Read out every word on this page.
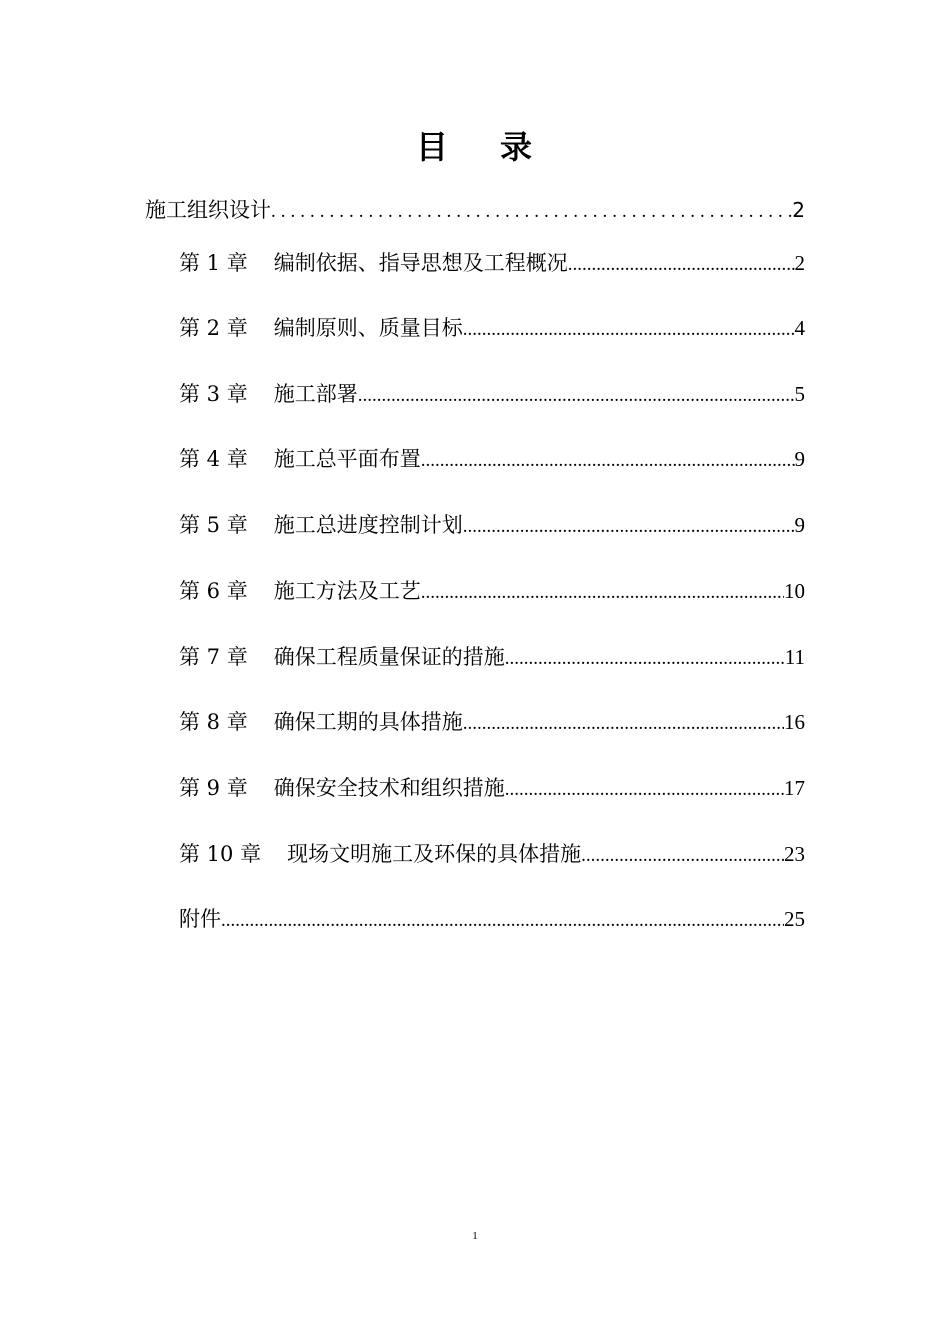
目 录
施工组织设计 .....	2
第 1 章 编制依据、指导思想及工程概况 .....	2
第 2 章 编制原则、质量目标 .....	4
第 3 章 施工部署 .....	5
第 4 章 施工总平面布置 .....	9
第 5 章 施工总进度控制计划 .....	9
第 6 章 施工方法及工艺 .....	10
第 7 章 确保工程质量保证的措施 .....	11
第 8 章 确保工期的具体措施 .....	16
第 9 章 确保安全技术和组织措施 .....	17
第 10 章 现场文明施工及环保的具体措施 .....	23
附件 .....	25
1
